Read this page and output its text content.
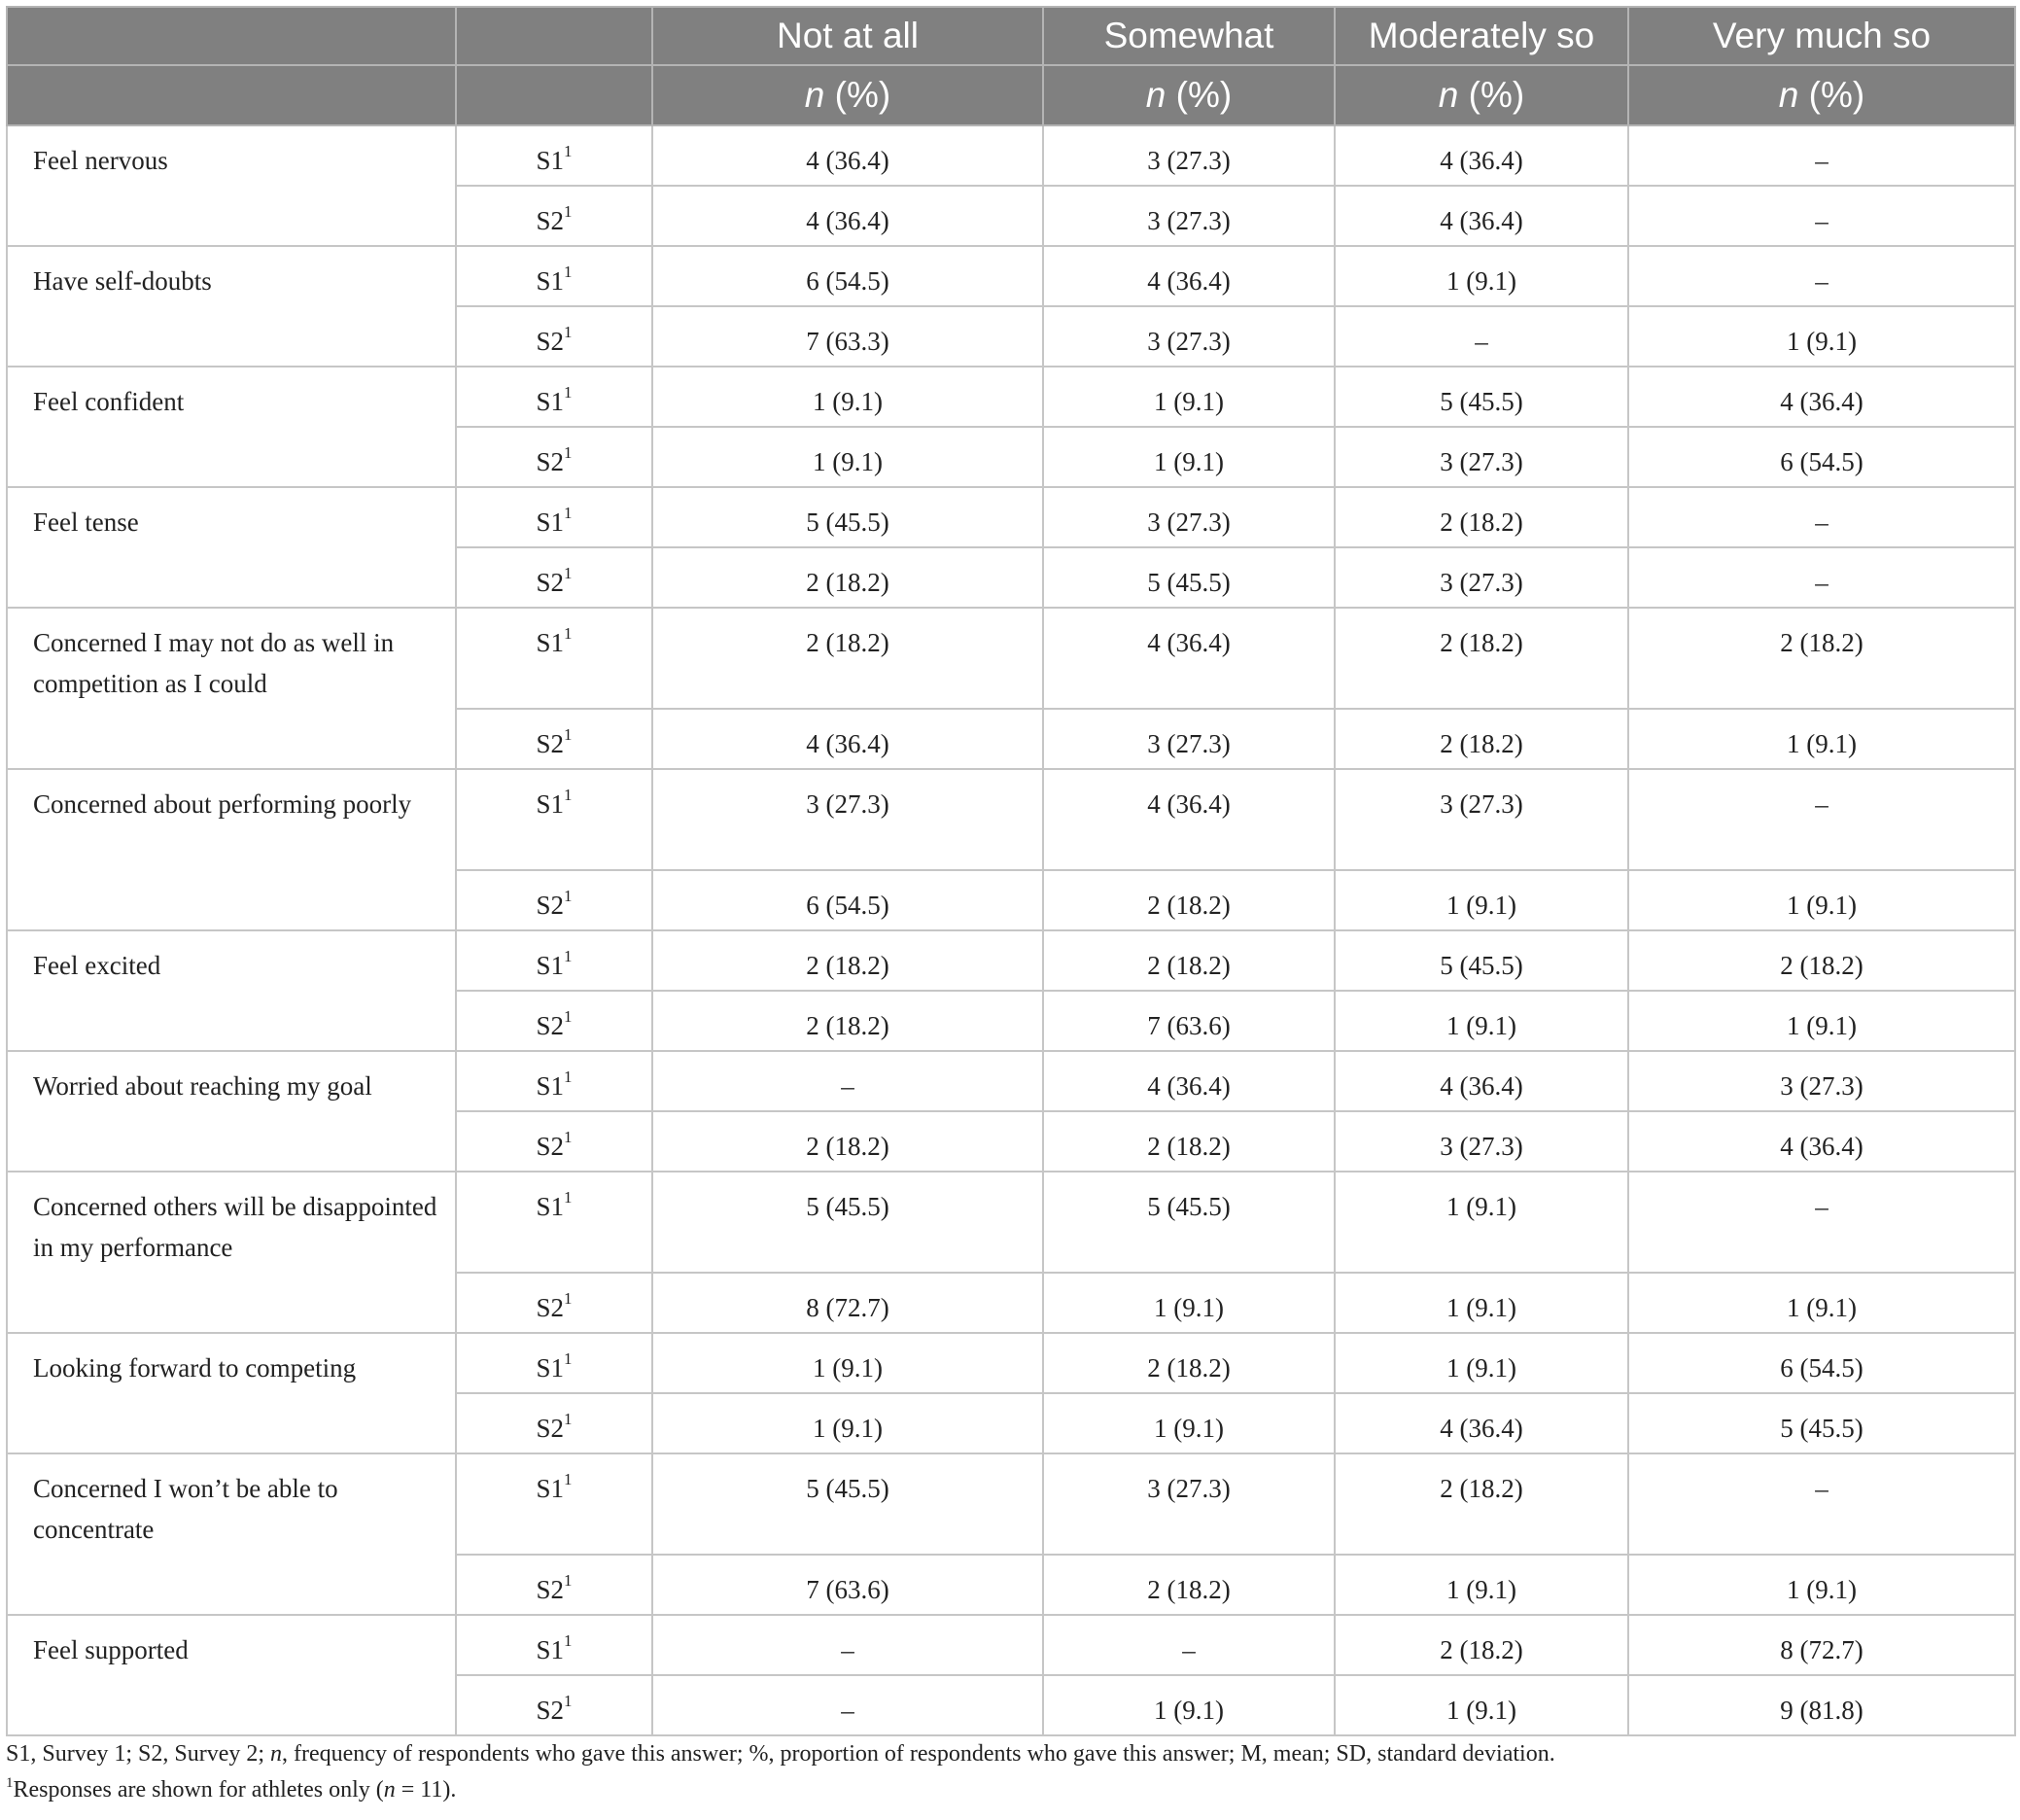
		Not at all	Somewhat	Moderately so	Very much so
		n (%)	n (%)	n (%)	n (%)
Feel nervous	$S1^1$	4 (36.4)	3 (27.3)	4 (36.4)	–
	$S2^1$	4 (36.4)	3 (27.3)	4 (36.4)	–
Have self-doubts	$S1^1$	6 (54.5)	4 (36.4)	1 (9.1)	–
	$S2^1$	7 (63.3)	3 (27.3)	–	1 (9.1)
Feel confident	$S1^1$	1 (9.1)	1 (9.1)	5 (45.5)	4 (36.4)
	$S2^1$	1 (9.1)	1 (9.1)	3 (27.3)	6 (54.5)
Feel tense	$S1^1$	5 (45.5)	3 (27.3)	2 (18.2)	–
	$S2^1$	2 (18.2)	5 (45.5)	3 (27.3)	–
Concerned I may not do as well in competition as I could	$S1^1$	2 (18.2)	4 (36.4)	2 (18.2)	2 (18.2)
	$S2^1$	4 (36.4)	3 (27.3)	2 (18.2)	1 (9.1)
Concerned about performing poorly	$S1^1$	3 (27.3)	4 (36.4)	3 (27.3)	–
	$S2^1$	6 (54.5)	2 (18.2)	1 (9.1)	1 (9.1)
Feel excited	$S1^1$	2 (18.2)	2 (18.2)	5 (45.5)	2 (18.2)
	$S2^1$	2 (18.2)	7 (63.6)	1 (9.1)	1 (9.1)
Worried about reaching my goal	$S1^1$	–	4 (36.4)	4 (36.4)	3 (27.3)
	$S2^1$	2 (18.2)	2 (18.2)	3 (27.3)	4 (36.4)
Concerned others will be disappointed in my performance	$S1^1$	5 (45.5)	5 (45.5)	1 (9.1)	–
	$S2^1$	8 (72.7)	1 (9.1)	1 (9.1)	1 (9.1)
Looking forward to competing	$S1^1$	1 (9.1)	2 (18.2)	1 (9.1)	6 (54.5)
	$S2^1$	1 (9.1)	1 (9.1)	4 (36.4)	5 (45.5)
Concerned I won’t be able to concentrate	$S1^1$	5 (45.5)	3 (27.3)	2 (18.2)	–
	$S2^1$	7 (63.6)	2 (18.2)	1 (9.1)	1 (9.1)
Feel supported	$S1^1$	–	–	2 (18.2)	8 (72.7)
	$S2^1$	–	1 (9.1)	1 (9.1)	9 (81.8)

S1, Survey 1; S2, Survey 2; n, frequency of respondents who gave this answer; %, proportion of respondents who gave this answer; M, mean; SD, standard deviation.

$^1$Responses are shown for athletes only (n = 11).
